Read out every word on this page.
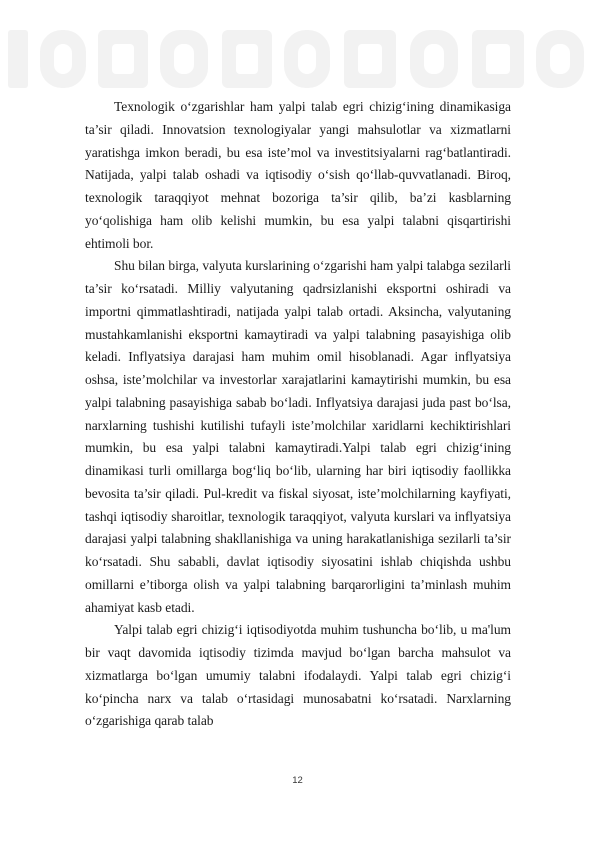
Texnologik o‘zgarishlar ham yalpi talab egri chizig‘ining dinamikasiga ta’sir qiladi. Innovatsion texnologiyalar yangi mahsulotlar va xizmatlarni yaratishga imkon beradi, bu esa iste’mol va investitsiyalarni rag‘batlantiradi. Natijada, yalpi talab oshadi va iqtisodiy o‘sish qo‘llab-quvvatlanadi. Biroq, texnologik taraqqiyot mehnat bozoriga ta’sir qilib, ba’zi kasblarning yo‘qolishiga ham olib kelishi mumkin, bu esa yalpi talabni qisqartirishi ehtimoli bor.

Shu bilan birga, valyuta kurslarining o‘zgarishi ham yalpi talabga sezilarli ta’sir ko‘rsatadi. Milliy valyutaning qadrsizlanishi eksportni oshiradi va importni qimmatlashtiradi, natijada yalpi talab ortadi. Aksincha, valyutaning mustahkamlanishi eksportni kamaytiradi va yalpi talabning pasayishiga olib keladi. Inflyatsiya darajasi ham muhim omil hisoblanadi. Agar inflyatsiya oshsa, iste’molchilar va investorlar xarajatlarini kamaytirishi mumkin, bu esa yalpi talabning pasayishiga sabab bo‘ladi. Inflyatsiya darajasi juda past bo‘lsa, narxlarning tushishi kutilishi tufayli iste’molchilar xaridlarni kechiktirishlari mumkin, bu esa yalpi talabni kamaytiradi.Yalpi talab egri chizig‘ining dinamikasi turli omillarga bog‘liq bo‘lib, ularning har biri iqtisodiy faollikka bevosita ta’sir qiladi. Pul-kredit va fiskal siyosat, iste’molchilarning kayfiyati, tashqi iqtisodiy sharoitlar, texnologik taraqqiyot, valyuta kurslari va inflyatsiya darajasi yalpi talabning shakllanishiga va uning harakatlanishiga sezilarli ta’sir ko‘rsatadi. Shu sababli, davlat iqtisodiy siyosatini ishlab chiqishda ushbu omillarni e’tiborga olish va yalpi talabning barqarorligini ta’minlash muhim ahamiyat kasb etadi.

Yalpi talab egri chizig‘i iqtisodiyotda muhim tushuncha bo‘lib, u ma'lum bir vaqt davomida iqtisodiy tizimda mavjud bo‘lgan barcha mahsulot va xizmatlarga bo‘lgan umumiy talabni ifodalaydi. Yalpi talab egri chizig‘i ko‘pincha narx va talab o‘rtasidagi munosabatni ko‘rsatadi. Narxlarning o‘zgarishiga qarab talab

12
